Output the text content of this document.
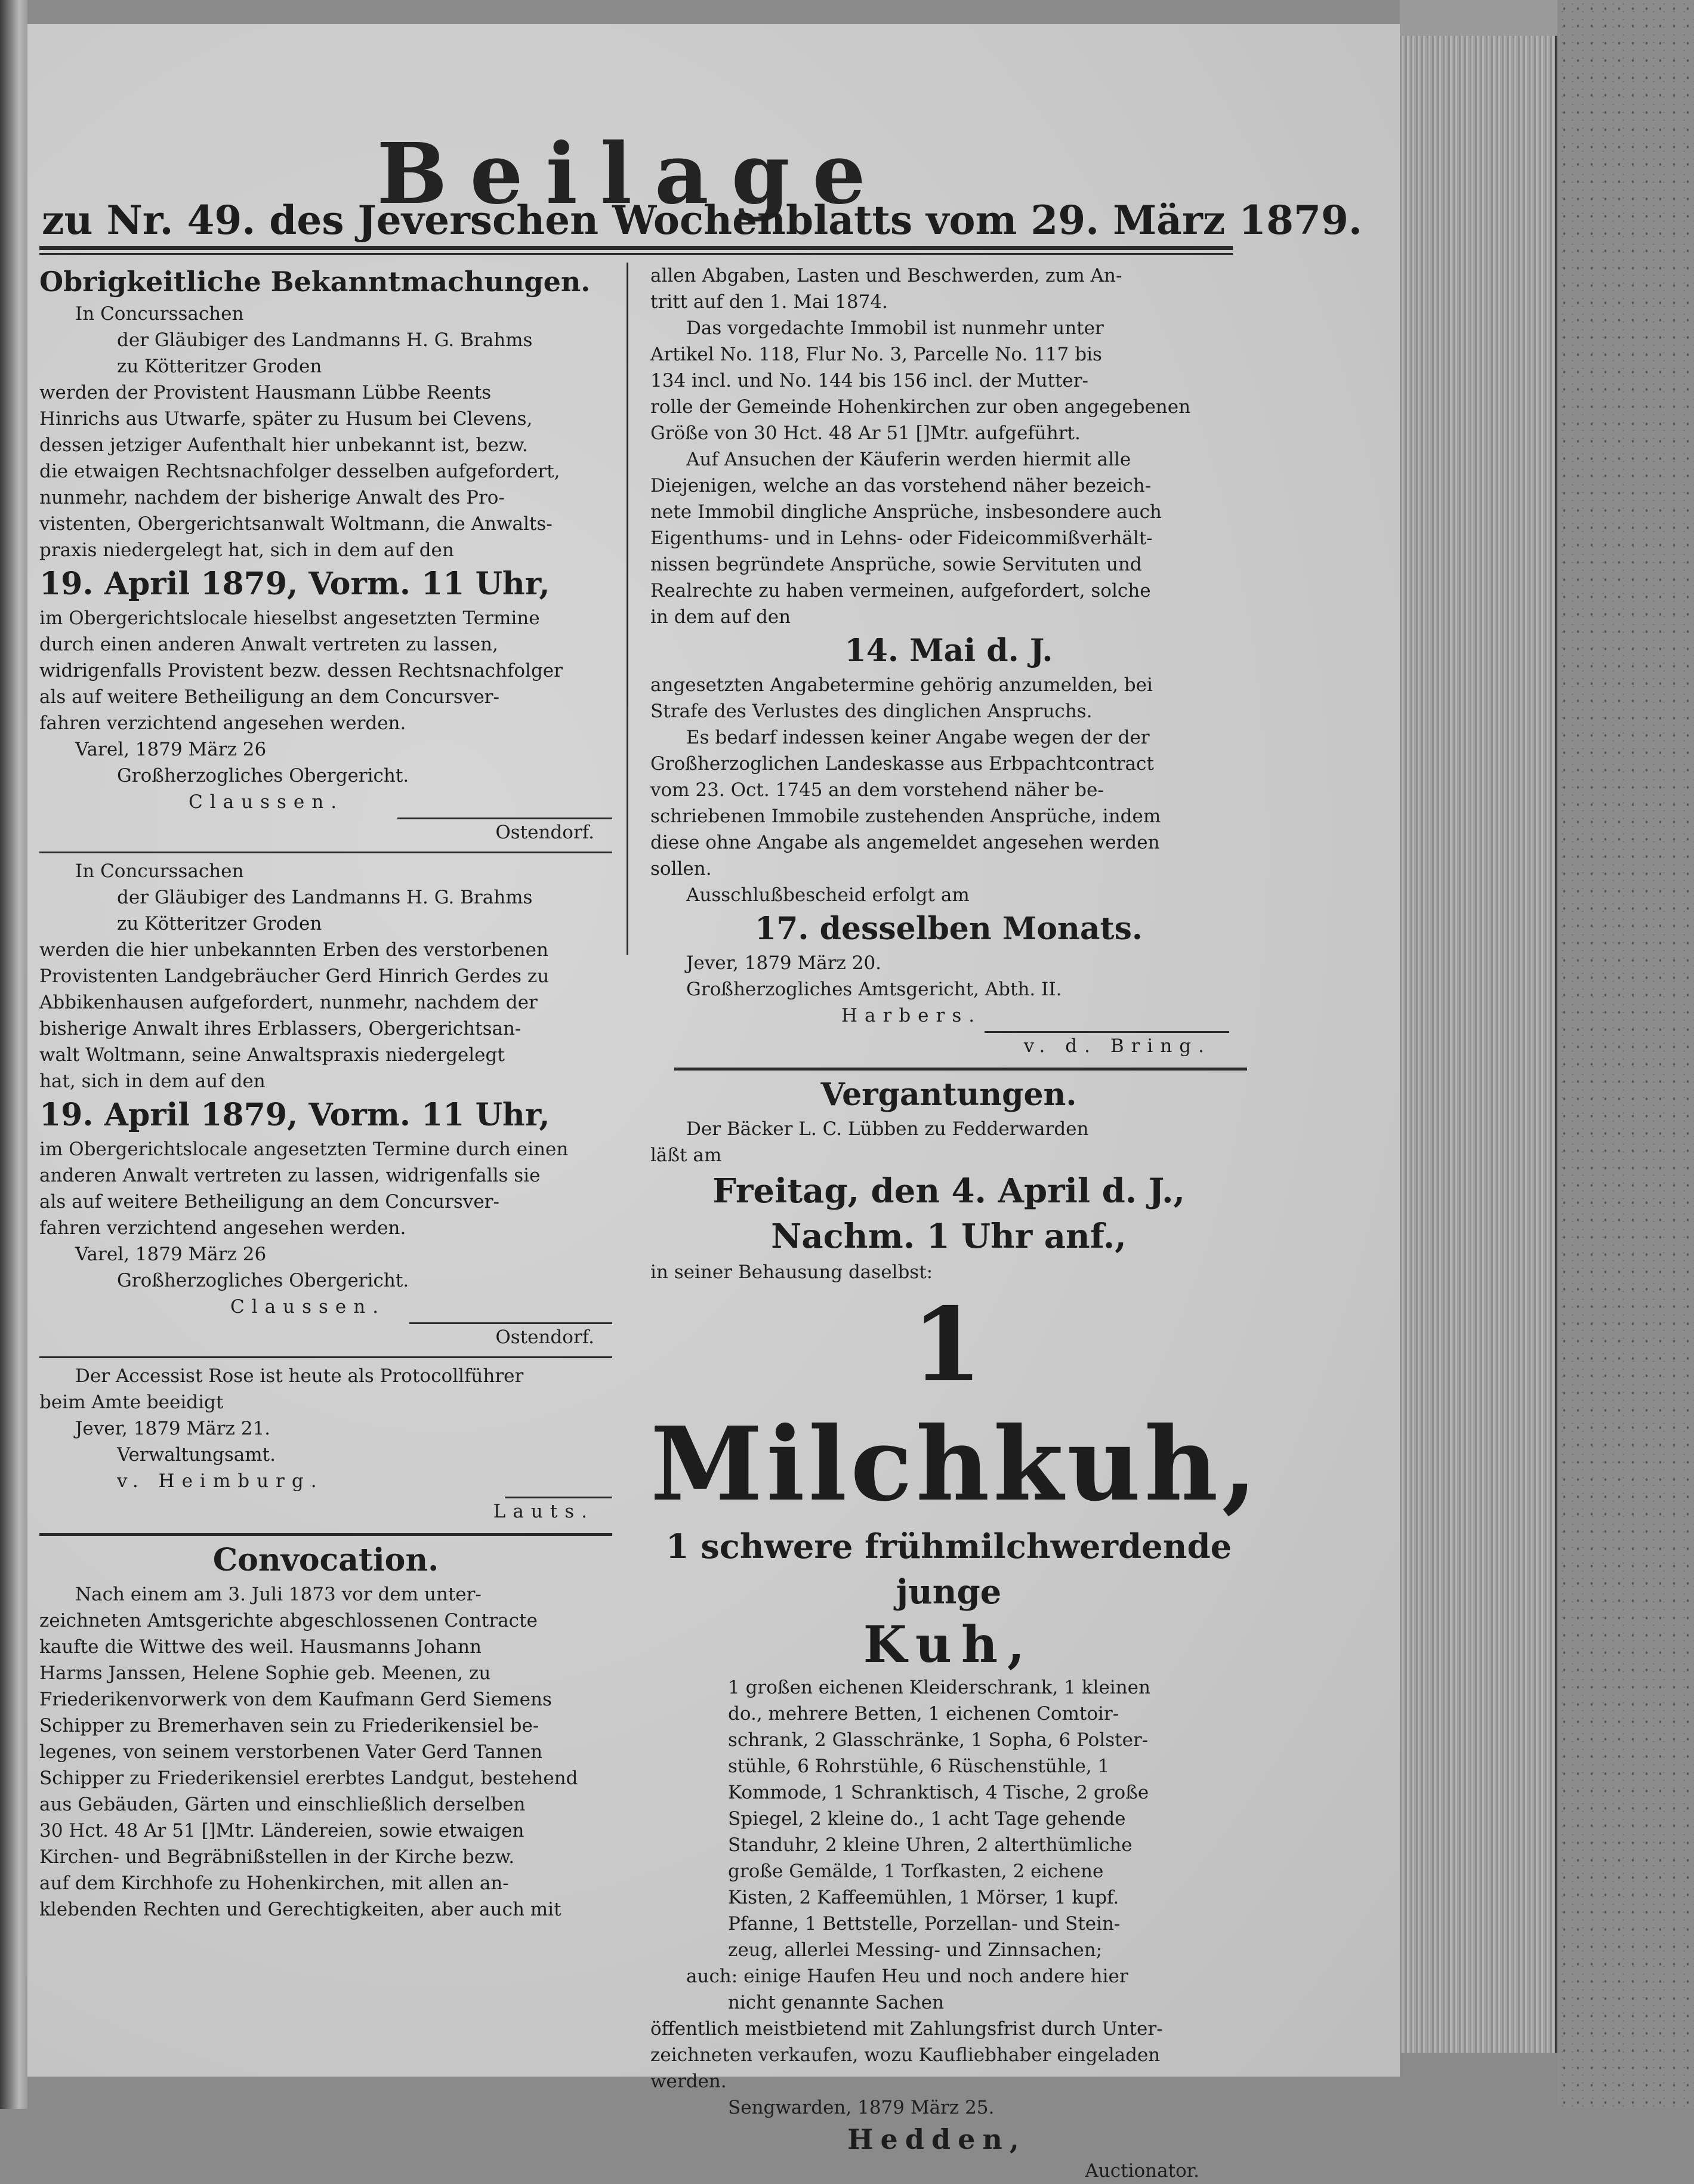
Beilage
zu Nr. 49. des Jeverschen Wochenblatts vom 29. März 1879.
Obrigkeitliche Bekanntmachungen.

In Concurssachen

der Gläubiger des Landmanns H. G. Brahms

zu Kötteritzer Groden

werden der Provistent Hausmann Lübbe Reents

Hinrichs aus Utwarfe, später zu Husum bei Clevens,

dessen jetziger Aufenthalt hier unbekannt ist, bezw.

die etwaigen Rechtsnachfolger desselben aufgefordert,

nunmehr, nachdem der bisherige Anwalt des Pro-

vistenten, Obergerichtsanwalt Woltmann, die Anwalts-

praxis niedergelegt hat, sich in dem auf den

19. April 1879, Vorm. 11 Uhr,

im Obergerichtslocale hieselbst angesetzten Termine

durch einen anderen Anwalt vertreten zu lassen,

widrigenfalls Provistent bezw. dessen Rechtsnachfolger

als auf weitere Betheiligung an dem Concursver-

fahren verzichtend angesehen werden.

Varel, 1879 März 26

Großherzogliches Obergericht.

Claussen.

Ostendorf.

In Concurssachen

der Gläubiger des Landmanns H. G. Brahms

zu Kötteritzer Groden

werden die hier unbekannten Erben des verstorbenen

Provistenten Landgebräucher Gerd Hinrich Gerdes zu

Abbikenhausen aufgefordert, nunmehr, nachdem der

bisherige Anwalt ihres Erblassers, Obergerichtsan-

walt Woltmann, seine Anwaltspraxis niedergelegt

hat, sich in dem auf den

19. April 1879, Vorm. 11 Uhr,

im Obergerichtslocale angesetzten Termine durch einen

anderen Anwalt vertreten zu lassen, widrigenfalls sie

als auf weitere Betheiligung an dem Concursver-

fahren verzichtend angesehen werden.

Varel, 1879 März 26

Großherzogliches Obergericht.

Claussen.

Ostendorf.

Der Accessist Rose ist heute als Protocollführer

beim Amte beeidigt

Jever, 1879 März 21.

Verwaltungsamt.

v. Heimburg.

Lauts.

Convocation.

Nach einem am 3. Juli 1873 vor dem unter-

zeichneten Amtsgerichte abgeschlossenen Contracte

kaufte die Wittwe des weil. Hausmanns Johann

Harms Janssen, Helene Sophie geb. Meenen, zu

Friederikenvorwerk von dem Kaufmann Gerd Siemens

Schipper zu Bremerhaven sein zu Friederikensiel be-

legenes, von seinem verstorbenen Vater Gerd Tannen

Schipper zu Friederikensiel ererbtes Landgut, bestehend

aus Gebäuden, Gärten und einschließlich derselben

30 Hct. 48 Ar 51 []Mtr. Ländereien, sowie etwaigen

Kirchen- und Begräbnißstellen in der Kirche bezw.

auf dem Kirchhofe zu Hohenkirchen, mit allen an-

klebenden Rechten und Gerechtigkeiten, aber auch mit

allen Abgaben, Lasten und Beschwerden, zum An-

tritt auf den 1. Mai 1874.

Das vorgedachte Immobil ist nunmehr unter

Artikel No. 118, Flur No. 3, Parcelle No. 117 bis

134 incl. und No. 144 bis 156 incl. der Mutter-

rolle der Gemeinde Hohenkirchen zur oben angegebenen

Größe von 30 Hct. 48 Ar 51 []Mtr. aufgeführt.

Auf Ansuchen der Käuferin werden hiermit alle

Diejenigen, welche an das vorstehend näher bezeich-

nete Immobil dingliche Ansprüche, insbesondere auch

Eigenthums- und in Lehns- oder Fideicommißverhält-

nissen begründete Ansprüche, sowie Servituten und

Realrechte zu haben vermeinen, aufgefordert, solche

in dem auf den

14. Mai d. J.

angesetzten Angabetermine gehörig anzumelden, bei

Strafe des Verlustes des dinglichen Anspruchs.

Es bedarf indessen keiner Angabe wegen der der

Großherzoglichen Landeskasse aus Erbpachtcontract

vom 23. Oct. 1745 an dem vorstehend näher be-

schriebenen Immobile zustehenden Ansprüche, indem

diese ohne Angabe als angemeldet angesehen werden

sollen.

Ausschlußbescheid erfolgt am

17. desselben Monats.

Jever, 1879 März 20.

Großherzogliches Amtsgericht, Abth. II.

Harbers.

v. d. Bring.

Vergantungen.

Der Bäcker L. C. Lübben zu Fedderwarden

läßt am

Freitag, den 4. April d. J.,
Nachm. 1 Uhr anf.,

in seiner Behausung daselbst:

1 Milchkuh,
1 schwere frühmilchwerdende junge
Kuh,

1 großen eichenen Kleiderschrank, 1 kleinen

do., mehrere Betten, 1 eichenen Comtoir-

schrank, 2 Glasschränke, 1 Sopha, 6 Polster-

stühle, 6 Rohrstühle, 6 Rüschenstühle, 1

Kommode, 1 Schranktisch, 4 Tische, 2 große

Spiegel, 2 kleine do., 1 acht Tage gehende

Standuhr, 2 kleine Uhren, 2 alterthümliche

große Gemälde, 1 Torfkasten, 2 eichene

Kisten, 2 Kaffeemühlen, 1 Mörser, 1 kupf.

Pfanne, 1 Bettstelle, Porzellan- und Stein-

zeug, allerlei Messing- und Zinnsachen;

auch: einige Haufen Heu und noch andere hier

nicht genannte Sachen

öffentlich meistbietend mit Zahlungsfrist durch Unter-

zeichneten verkaufen, wozu Kaufliebhaber eingeladen

werden.

Sengwarden, 1879 März 25.

Hedden,

Auctionator.
